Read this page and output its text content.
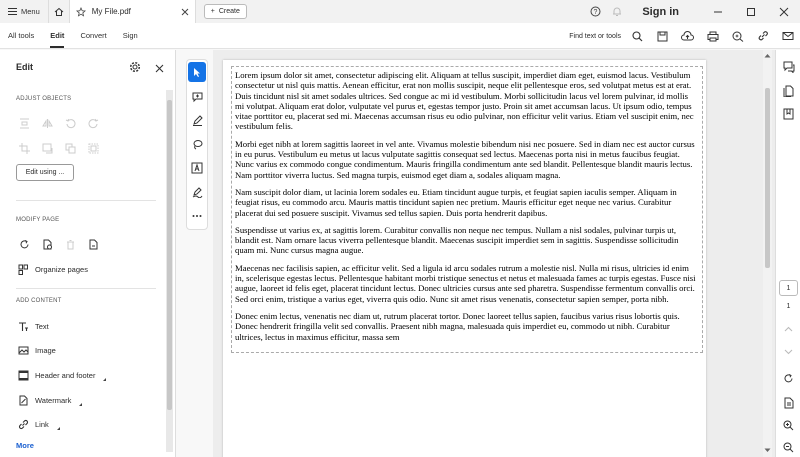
Menu	My File.pdf	+ Create	?	Sign in
All tools Edit Convert Sign	Find text or tools
Edit
ADJUST OBJECTS
Edit using ...
MODIFY PAGE
Organize pages
ADD CONTENT
Text
Image
Header and footer
Watermark
Link
More

Lorem ipsum dolor sit amet, consectetur adipiscing elit. Aliquam at tellus suscipit, imperdiet diam eget, euismod lacus. Vestibulum consectetur ut nisl quis mattis. Aenean efficitur, erat non mollis suscipit, neque elit pellentesque eros, sed volutpat metus est at erat. Duis tincidunt nisl sit amet sodales ultrices. Sed congue ac mi id vestibulum. Morbi sollicitudin lacus vel lorem pulvinar, id mollis mi volutpat. Aliquam erat dolor, vulputate vel purus et, egestas tempor justo. Proin sit amet accumsan lacus. Ut ipsum odio, tempus vitae porttitor eu, placerat sed mi. Maecenas accumsan risus eu odio pulvinar, non efficitur velit varius. Etiam vel suscipit enim, nec vestibulum felis.

Morbi eget nibh at lorem sagittis laoreet in vel ante. Vivamus molestie bibendum nisi nec posuere. Sed in diam nec est auctor cursus in eu purus. Vestibulum eu metus ut lacus vulputate sagittis consequat sed lectus. Maecenas porta nisi in metus faucibus feugiat. Nunc varius ex commodo congue condimentum. Mauris fringilla condimentum ante sed blandit. Pellentesque blandit mauris lectus. Nam porttitor viverra luctus. Sed magna turpis, euismod eget diam a, sodales aliquam magna.

Nam suscipit dolor diam, ut lacinia lorem sodales eu. Etiam tincidunt augue turpis, et feugiat sapien iaculis semper. Aliquam in feugiat risus, eu commodo arcu. Mauris mattis tincidunt sapien nec pretium. Mauris efficitur eget neque nec varius. Curabitur placerat dui sed posuere suscipit. Vivamus sed tellus sapien. Duis porta hendrerit dapibus.

Suspendisse ut varius ex, at sagittis lorem. Curabitur convallis non neque nec tempus. Nullam a nisl sodales, pulvinar turpis ut, blandit est. Nam ornare lacus viverra pellentesque blandit. Maecenas suscipit imperdiet sem in sagittis. Suspendisse sollicitudin quam mi. Nunc cursus magna augue.

Maecenas nec facilisis sapien, ac efficitur velit. Sed a ligula id arcu sodales rutrum a molestie nisl. Nulla mi risus, ultricies id enim in, scelerisque egestas lectus. Pellentesque habitant morbi tristique senectus et netus et malesuada fames ac turpis egestas. Fusce nisi augue, laoreet id felis eget, placerat tincidunt lectus. Donec ultricies cursus ante sed pharetra. Suspendisse fermentum convallis orci. Sed orci enim, tristique a varius eget, viverra quis odio. Nunc sit amet risus venenatis, consectetur sapien semper, porta nibh.

Donec enim lectus, venenatis nec diam ut, rutrum placerat tortor. Donec laoreet tellus sapien, faucibus varius risus lobortis quis. Donec hendrerit fringilla velit sed convallis. Praesent nibh magna, malesuada quis imperdiet eu, commodo ut nibh. Curabitur ultrices, lectus in maximus efficitur, massa sem

1
1
